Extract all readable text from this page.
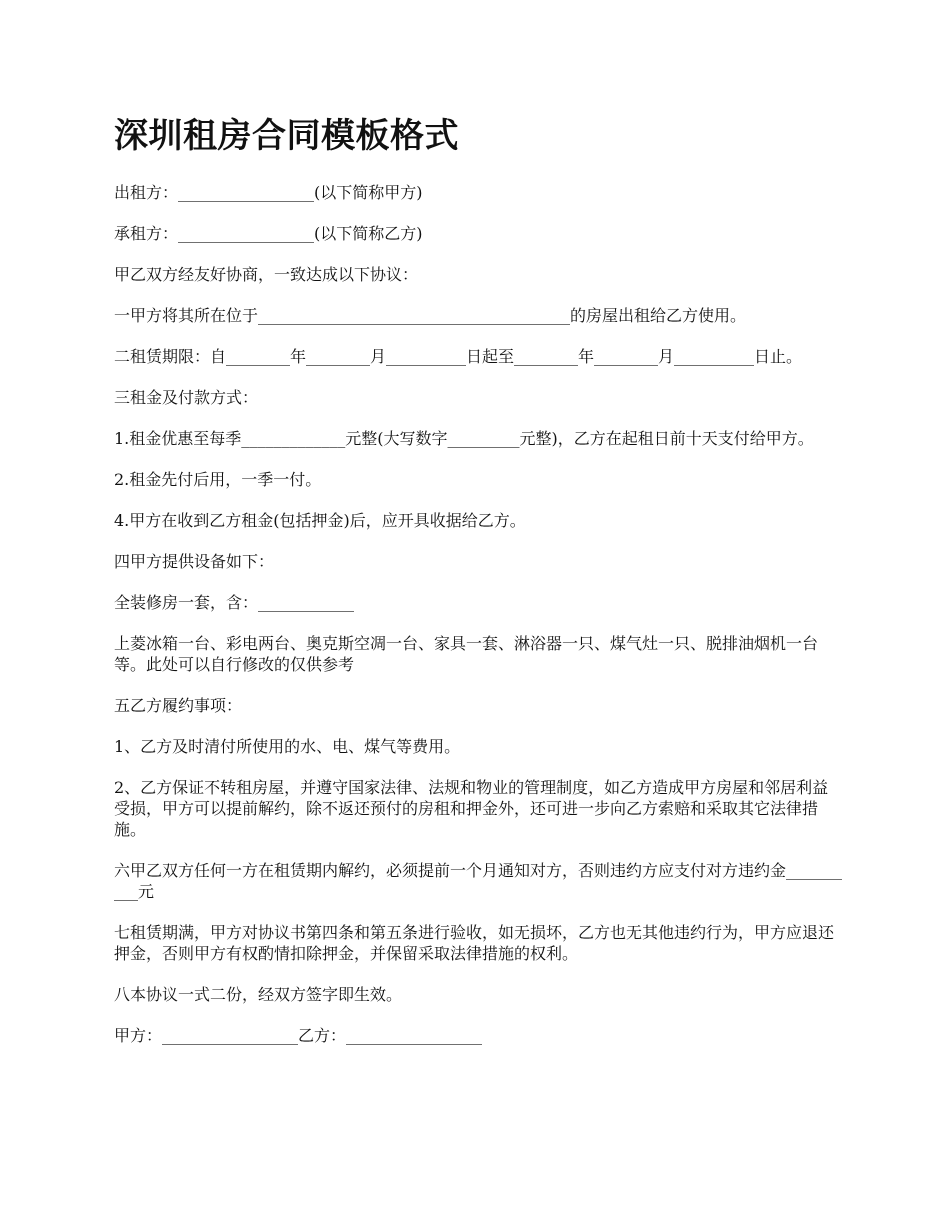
深圳租房合同模板格式

出租方：_________________(以下简称甲方)

承租方：_________________(以下简称乙方)

甲乙双方经友好协商，一致达成以下协议：

一甲方将其所在位于_______________________________________的房屋出租给乙方使用。

二租赁期限：自________年________月__________日起至________年________月__________日止。

三租金及付款方式：

1.租金优惠至每季_____________元整(大写数字_________元整)，乙方在起租日前十天支付给甲方。

2.租金先付后用，一季一付。

4.甲方在收到乙方租金(包括押金)后，应开具收据给乙方。

四甲方提供设备如下：

全装修房一套，含：____________

上菱冰箱一台、彩电两台、奥克斯空凋一台、家具一套、淋浴器一只、煤气灶一只、脱排油烟机一台等。此处可以自行修改的仅供参考

五乙方履约事项：

1、乙方及时清付所使用的水、电、煤气等费用。

2、乙方保证不转租房屋，并遵守国家法律、法规和物业的管理制度，如乙方造成甲方房屋和邻居利益受损，甲方可以提前解约，除不返还预付的房租和押金外，还可进一步向乙方索赔和采取其它法律措施。

六甲乙双方任何一方在租赁期内解约，必须提前一个月通知对方，否则违约方应支付对方违约金__________元

七租赁期满，甲方对协议书第四条和第五条进行验收，如无损坏，乙方也无其他违约行为，甲方应退还押金，否则甲方有权酌情扣除押金，并保留采取法律措施的权利。

八本协议一式二份，经双方签字即生效。

甲方：_________________乙方：_________________
